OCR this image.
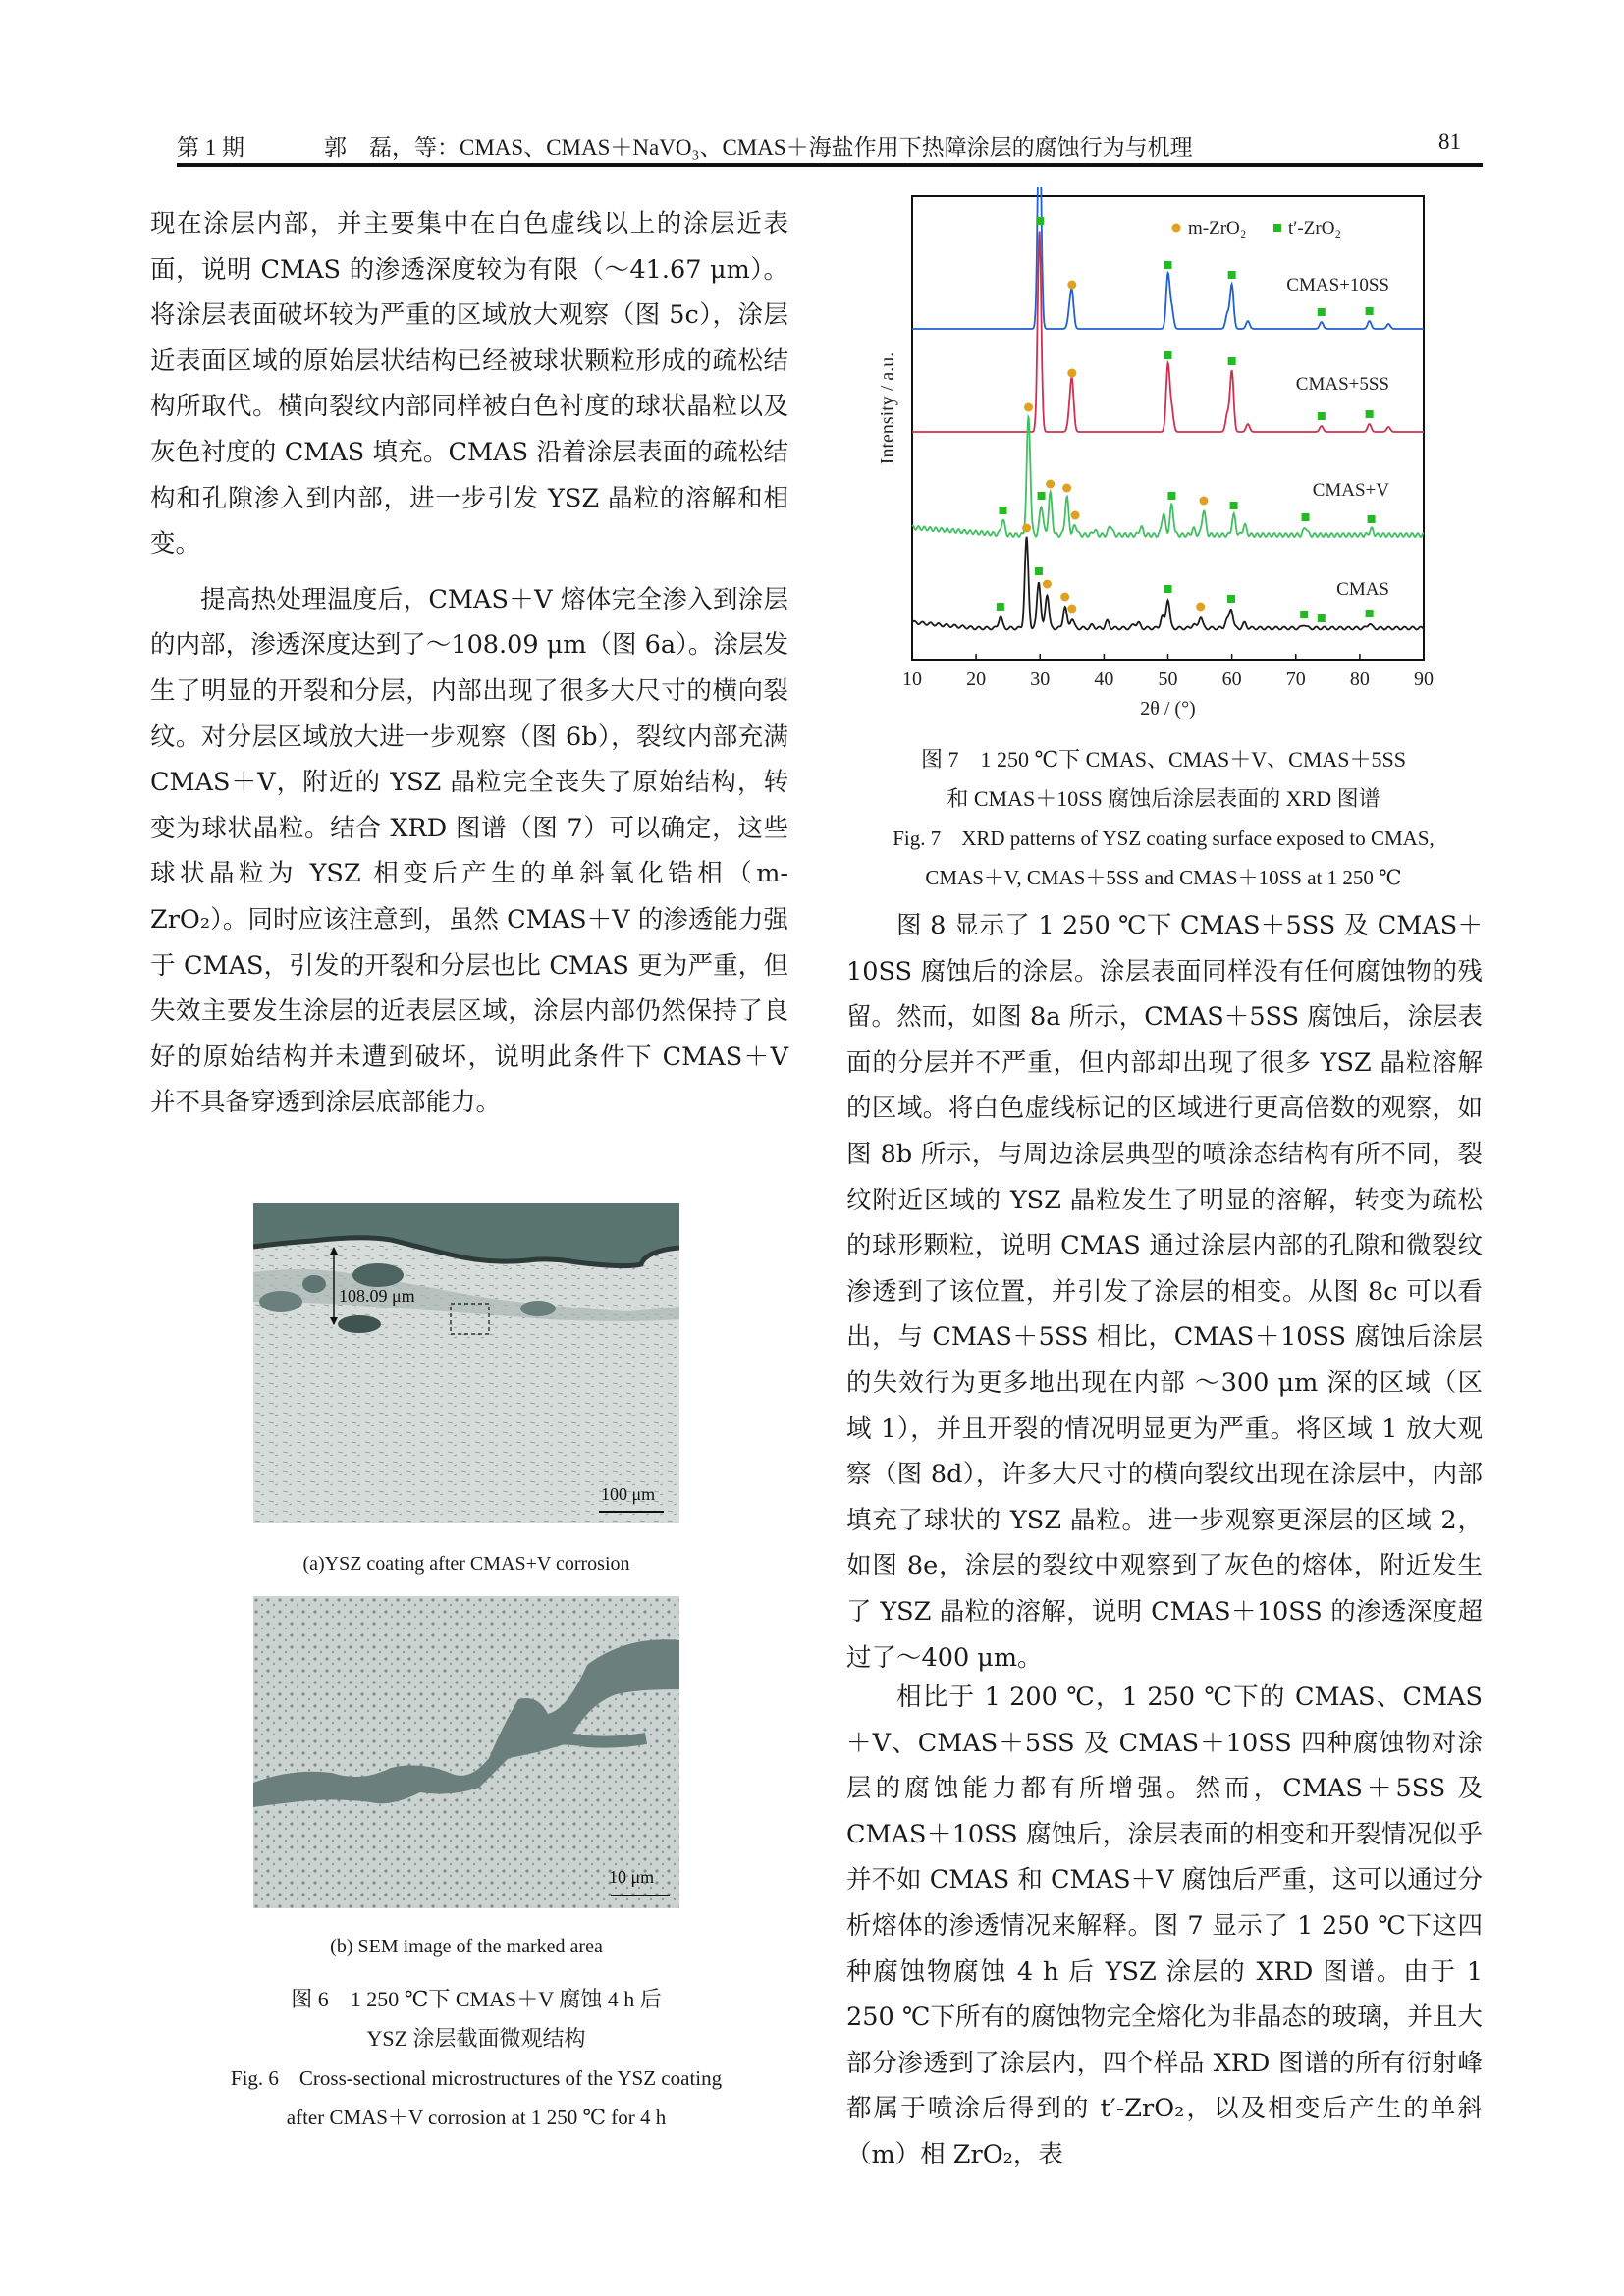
第 1 期	郭　磊，等：CMAS、CMAS＋NaVO₃、CMAS＋海盐作用下热障涂层的腐蚀行为与机理	81

现在涂层内部，并主要集中在白色虚线以上的涂层近表面，说明 CMAS 的渗透深度较为有限（～41.67 μm）。将涂层表面破坏较为严重的区域放大观察（图 5c），涂层近表面区域的原始层状结构已经被球状颗粒形成的疏松结构所取代。横向裂纹内部同样被白色衬度的球状晶粒以及灰色衬度的 CMAS 填充。CMAS 沿着涂层表面的疏松结构和孔隙渗入到内部，进一步引发 YSZ 晶粒的溶解和相变。

提高热处理温度后，CMAS＋V 熔体完全渗入到涂层的内部，渗透深度达到了～108.09 μm（图 6a）。涂层发生了明显的开裂和分层，内部出现了很多大尺寸的横向裂纹。对分层区域放大进一步观察（图 6b），裂纹内部充满 CMAS＋V，附近的 YSZ 晶粒完全丧失了原始结构，转变为球状晶粒。结合 XRD 图谱（图 7）可以确定，这些球状晶粒为 YSZ 相变后产生的单斜氧化锆相（m-ZrO₂）。同时应该注意到，虽然 CMAS＋V 的渗透能力强于 CMAS，引发的开裂和分层也比 CMAS 更为严重，但失效主要发生涂层的近表层区域，涂层内部仍然保持了良好的原始结构并未遭到破坏，说明此条件下 CMAS＋V 并不具备穿透到涂层底部能力。

108.09 μm
100 μm
(a)YSZ coating after CMAS+V corrosion
10 μm
(b) SEM image of the marked area
图 6　1 250 ℃下 CMAS＋V 腐蚀 4 h 后
YSZ 涂层截面微观结构
Fig. 6　Cross-sectional microstructures of the YSZ coating
after CMAS＋V corrosion at 1 250 ℃ for 4 h
10 20 30 40 50 60 70 80 90
2θ / (°)
Intensity / a.u.
CMAS+10SS
CMAS+5SS
CMAS+V
CMAS
m-ZrO₂ t′-ZrO₂
图 7　1 250 ℃下 CMAS、CMAS＋V、CMAS＋5SS
和 CMAS＋10SS 腐蚀后涂层表面的 XRD 图谱
Fig. 7　XRD patterns of YSZ coating surface exposed to CMAS,
CMAS＋V, CMAS＋5SS and CMAS＋10SS at 1 250 ℃

图 8 显示了 1 250 ℃下 CMAS＋5SS 及 CMAS＋10SS 腐蚀后的涂层。涂层表面同样没有任何腐蚀物的残留。然而，如图 8a 所示，CMAS＋5SS 腐蚀后，涂层表面的分层并不严重，但内部却出现了很多 YSZ 晶粒溶解的区域。将白色虚线标记的区域进行更高倍数的观察，如图 8b 所示，与周边涂层典型的喷涂态结构有所不同，裂纹附近区域的 YSZ 晶粒发生了明显的溶解，转变为疏松的球形颗粒，说明 CMAS 通过涂层内部的孔隙和微裂纹渗透到了该位置，并引发了涂层的相变。从图 8c 可以看出，与 CMAS＋5SS 相比，CMAS＋10SS 腐蚀后涂层的失效行为更多地出现在内部 ～300 μm 深的区域（区域 1），并且开裂的情况明显更为严重。将区域 1 放大观察（图 8d），许多大尺寸的横向裂纹出现在涂层中，内部填充了球状的 YSZ 晶粒。进一步观察更深层的区域 2，如图 8e，涂层的裂纹中观察到了灰色的熔体，附近发生了 YSZ 晶粒的溶解，说明 CMAS＋10SS 的渗透深度超过了～400 μm。

相比于 1 200 ℃，1 250 ℃下的 CMAS、CMAS＋V、CMAS＋5SS 及 CMAS＋10SS 四种腐蚀物对涂层的腐蚀能力都有所增强。然而，CMAS＋5SS 及 CMAS＋10SS 腐蚀后，涂层表面的相变和开裂情况似乎并不如 CMAS 和 CMAS＋V 腐蚀后严重，这可以通过分析熔体的渗透情况来解释。图 7 显示了 1 250 ℃下这四种腐蚀物腐蚀 4 h 后 YSZ 涂层的 XRD 图谱。由于 1 250 ℃下所有的腐蚀物完全熔化为非晶态的玻璃，并且大部分渗透到了涂层内，四个样品 XRD 图谱的所有衍射峰都属于喷涂后得到的 t′-ZrO₂，以及相变后产生的单斜（m）相 ZrO₂，表
